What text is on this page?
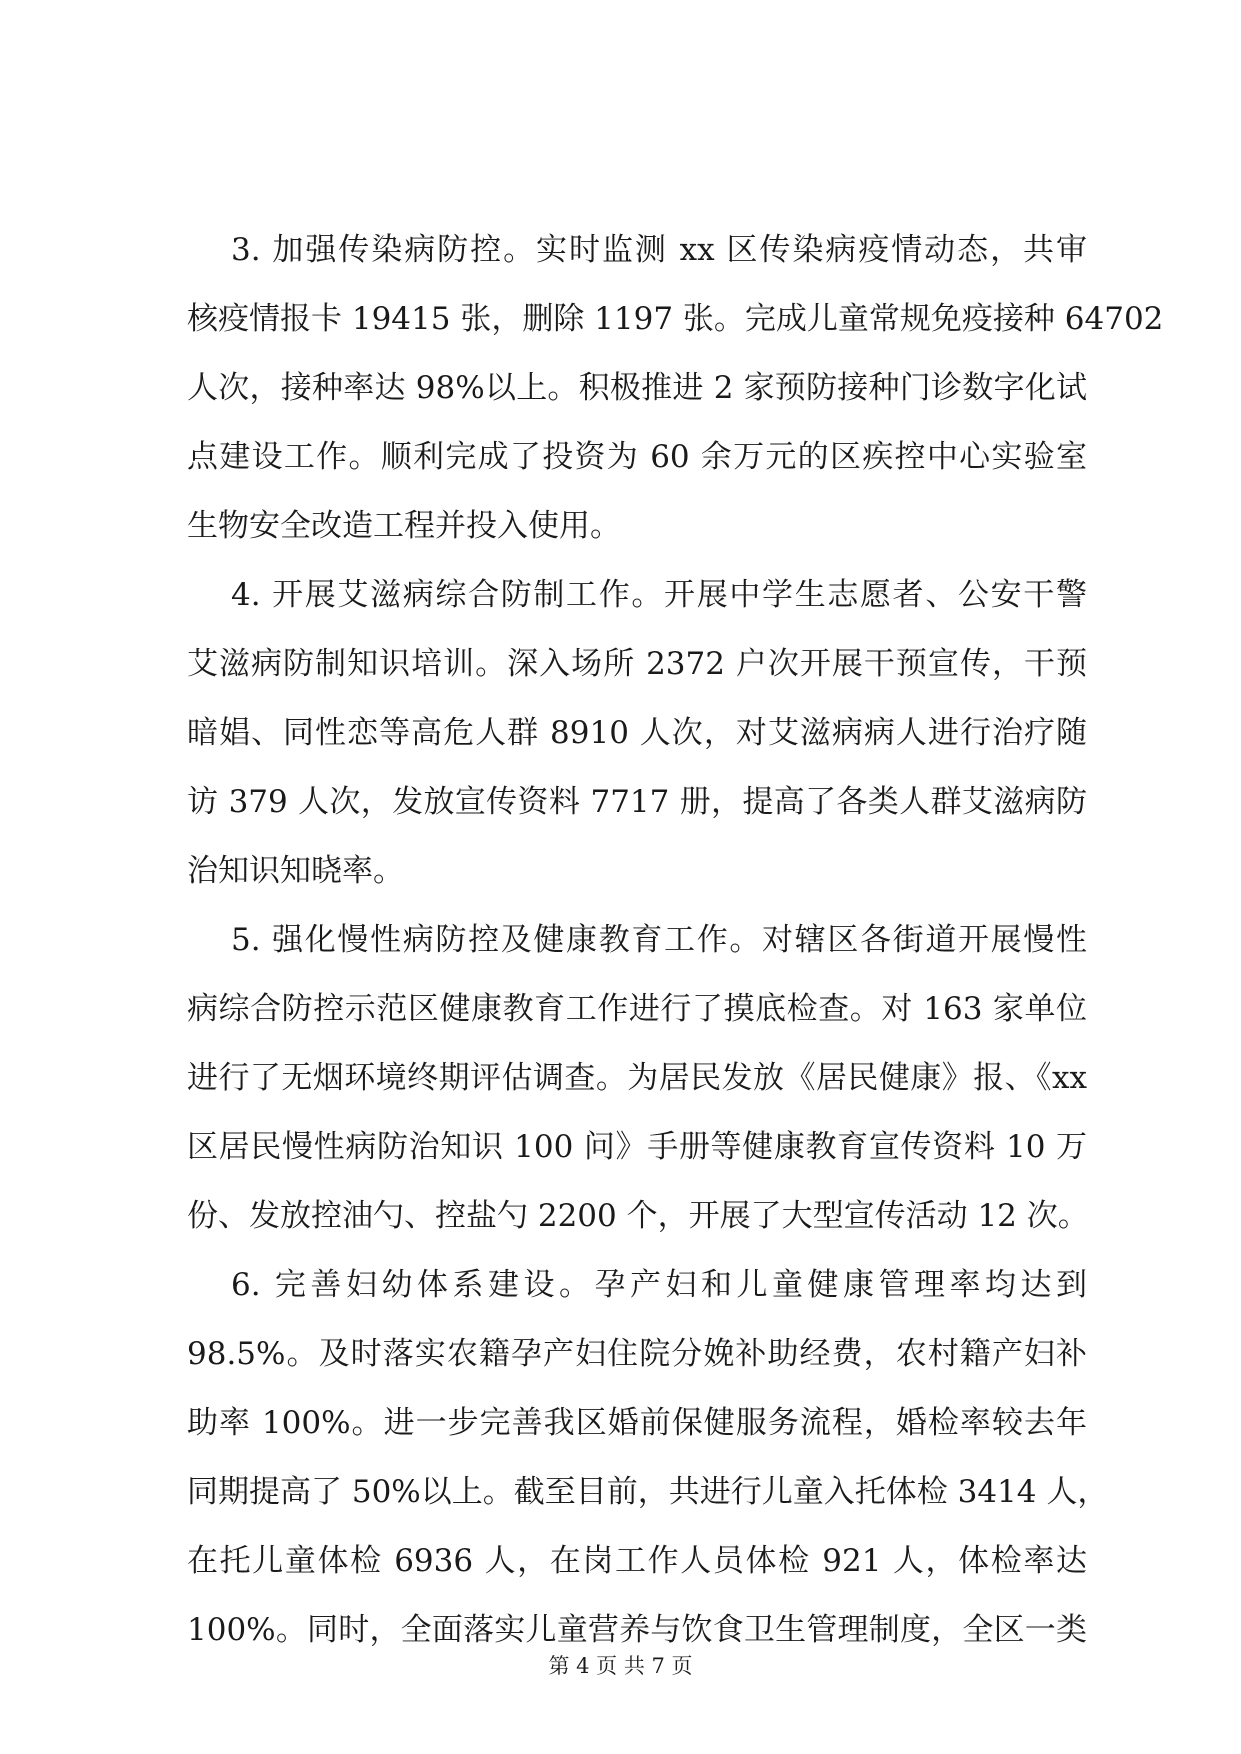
3. 加强传染病防控。实时监测 xx 区传染病疫情动态，共审
核疫情报卡 19415 张，删除 1197 张。完成儿童常规免疫接种 64702
人次，接种率达 98%以上。积极推进 2 家预防接种门诊数字化试
点建设工作。顺利完成了投资为 60 余万元的区疾控中心实验室
生物安全改造工程并投入使用。
4. 开展艾滋病综合防制工作。开展中学生志愿者、公安干警
艾滋病防制知识培训。深入场所 2372 户次开展干预宣传，干预
暗娼、同性恋等高危人群 8910 人次，对艾滋病病人进行治疗随
访 379 人次，发放宣传资料 7717 册，提高了各类人群艾滋病防
治知识知晓率。
5. 强化慢性病防控及健康教育工作。对辖区各街道开展慢性
病综合防控示范区健康教育工作进行了摸底检查。对 163 家单位
进行了无烟环境终期评估调查。为居民发放《居民健康》报、《xx
区居民慢性病防治知识 100 问》手册等健康教育宣传资料 10 万
份、发放控油勺、控盐勺 2200 个，开展了大型宣传活动 12 次。
6. 完善妇幼体系建设。孕产妇和儿童健康管理率均达到
98.5%。及时落实农籍孕产妇住院分娩补助经费，农村籍产妇补
助率 100%。进一步完善我区婚前保健服务流程，婚检率较去年
同期提高了 50%以上。截至目前，共进行儿童入托体检 3414 人，
在托儿童体检 6936 人，在岗工作人员体检 921 人，体检率达
100%。同时，全面落实儿童营养与饮食卫生管理制度，全区一类
第 4 页 共 7 页
